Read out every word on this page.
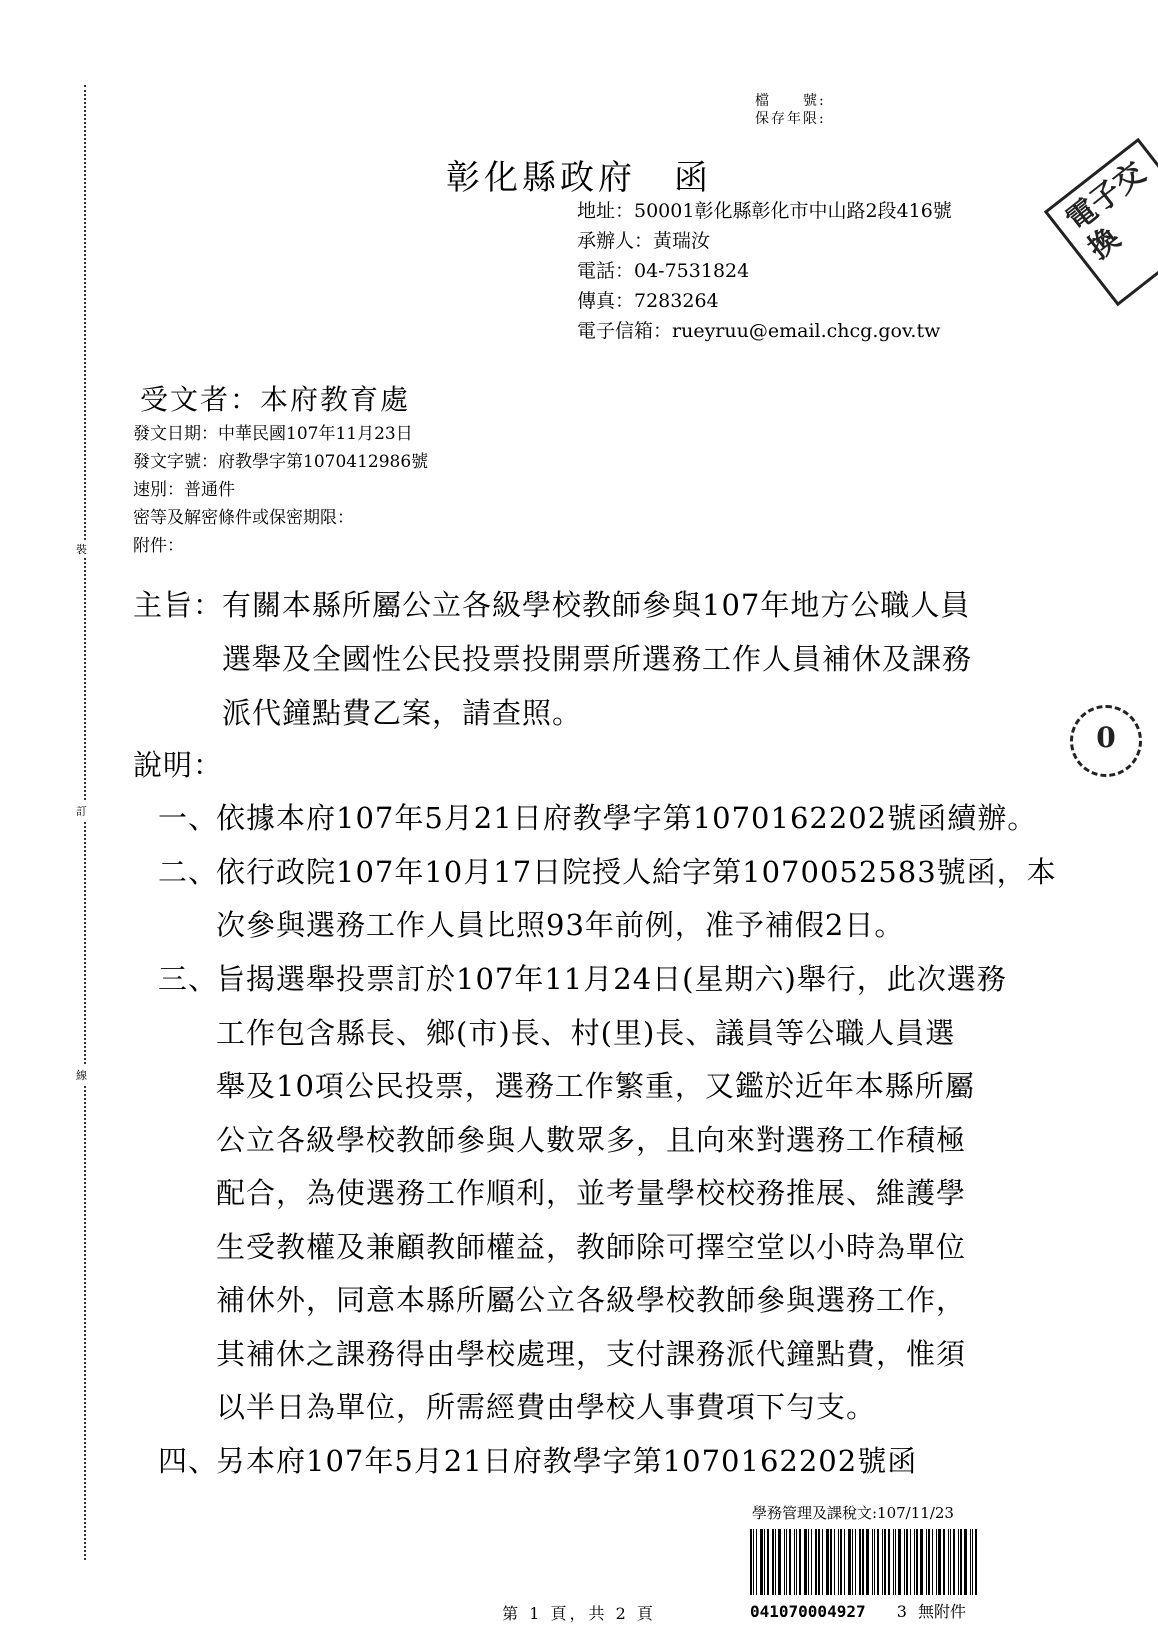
裝
訂
線
檔　　號:
保存年限:
彰化縣政府　函
地址：50001彰化縣彰化市中山路2段416號
承辦人：黃瑞汝
電話：04-7531824
傳真：7283264
電子信箱：rueyruu@email.chcg.gov.tw
受文者：本府教育處
發文日期：中華民國107年11月23日
發文字號：府教學字第1070412986號
速別：普通件
密等及解密條件或保密期限：
附件：
主旨：
有關本縣所屬公立各級學校教師參與107年地方公職人員
選舉及全國性公民投票投開票所選務工作人員補休及課務
派代鐘點費乙案，請查照。
說明：
一、
依據本府107年5月21日府教學字第1070162202號函續辦。
二、
依行政院107年10月17日院授人給字第1070052583號函，本
次參與選務工作人員比照93年前例，准予補假2日。
三、
旨揭選舉投票訂於107年11月24日(星期六)舉行，此次選務
工作包含縣長、鄉(市)長、村(里)長、議員等公職人員選
舉及10項公民投票，選務工作繁重，又鑑於近年本縣所屬
公立各級學校教師參與人數眾多，且向來對選務工作積極
配合，為使選務工作順利，並考量學校校務推展、維護學
生受教權及兼顧教師權益，教師除可擇空堂以小時為單位
補休外，同意本縣所屬公立各級學校教師參與選務工作，
其補休之課務得由學校處理，支付課務派代鐘點費，惟須
以半日為單位，所需經費由學校人事費項下勻支。
四、
另本府107年5月21日府教學字第1070162202號函
電子交換
0
學務管理及課稅文:107/11/23
041070004927 3 無附件
第 1 頁，共 2 頁
